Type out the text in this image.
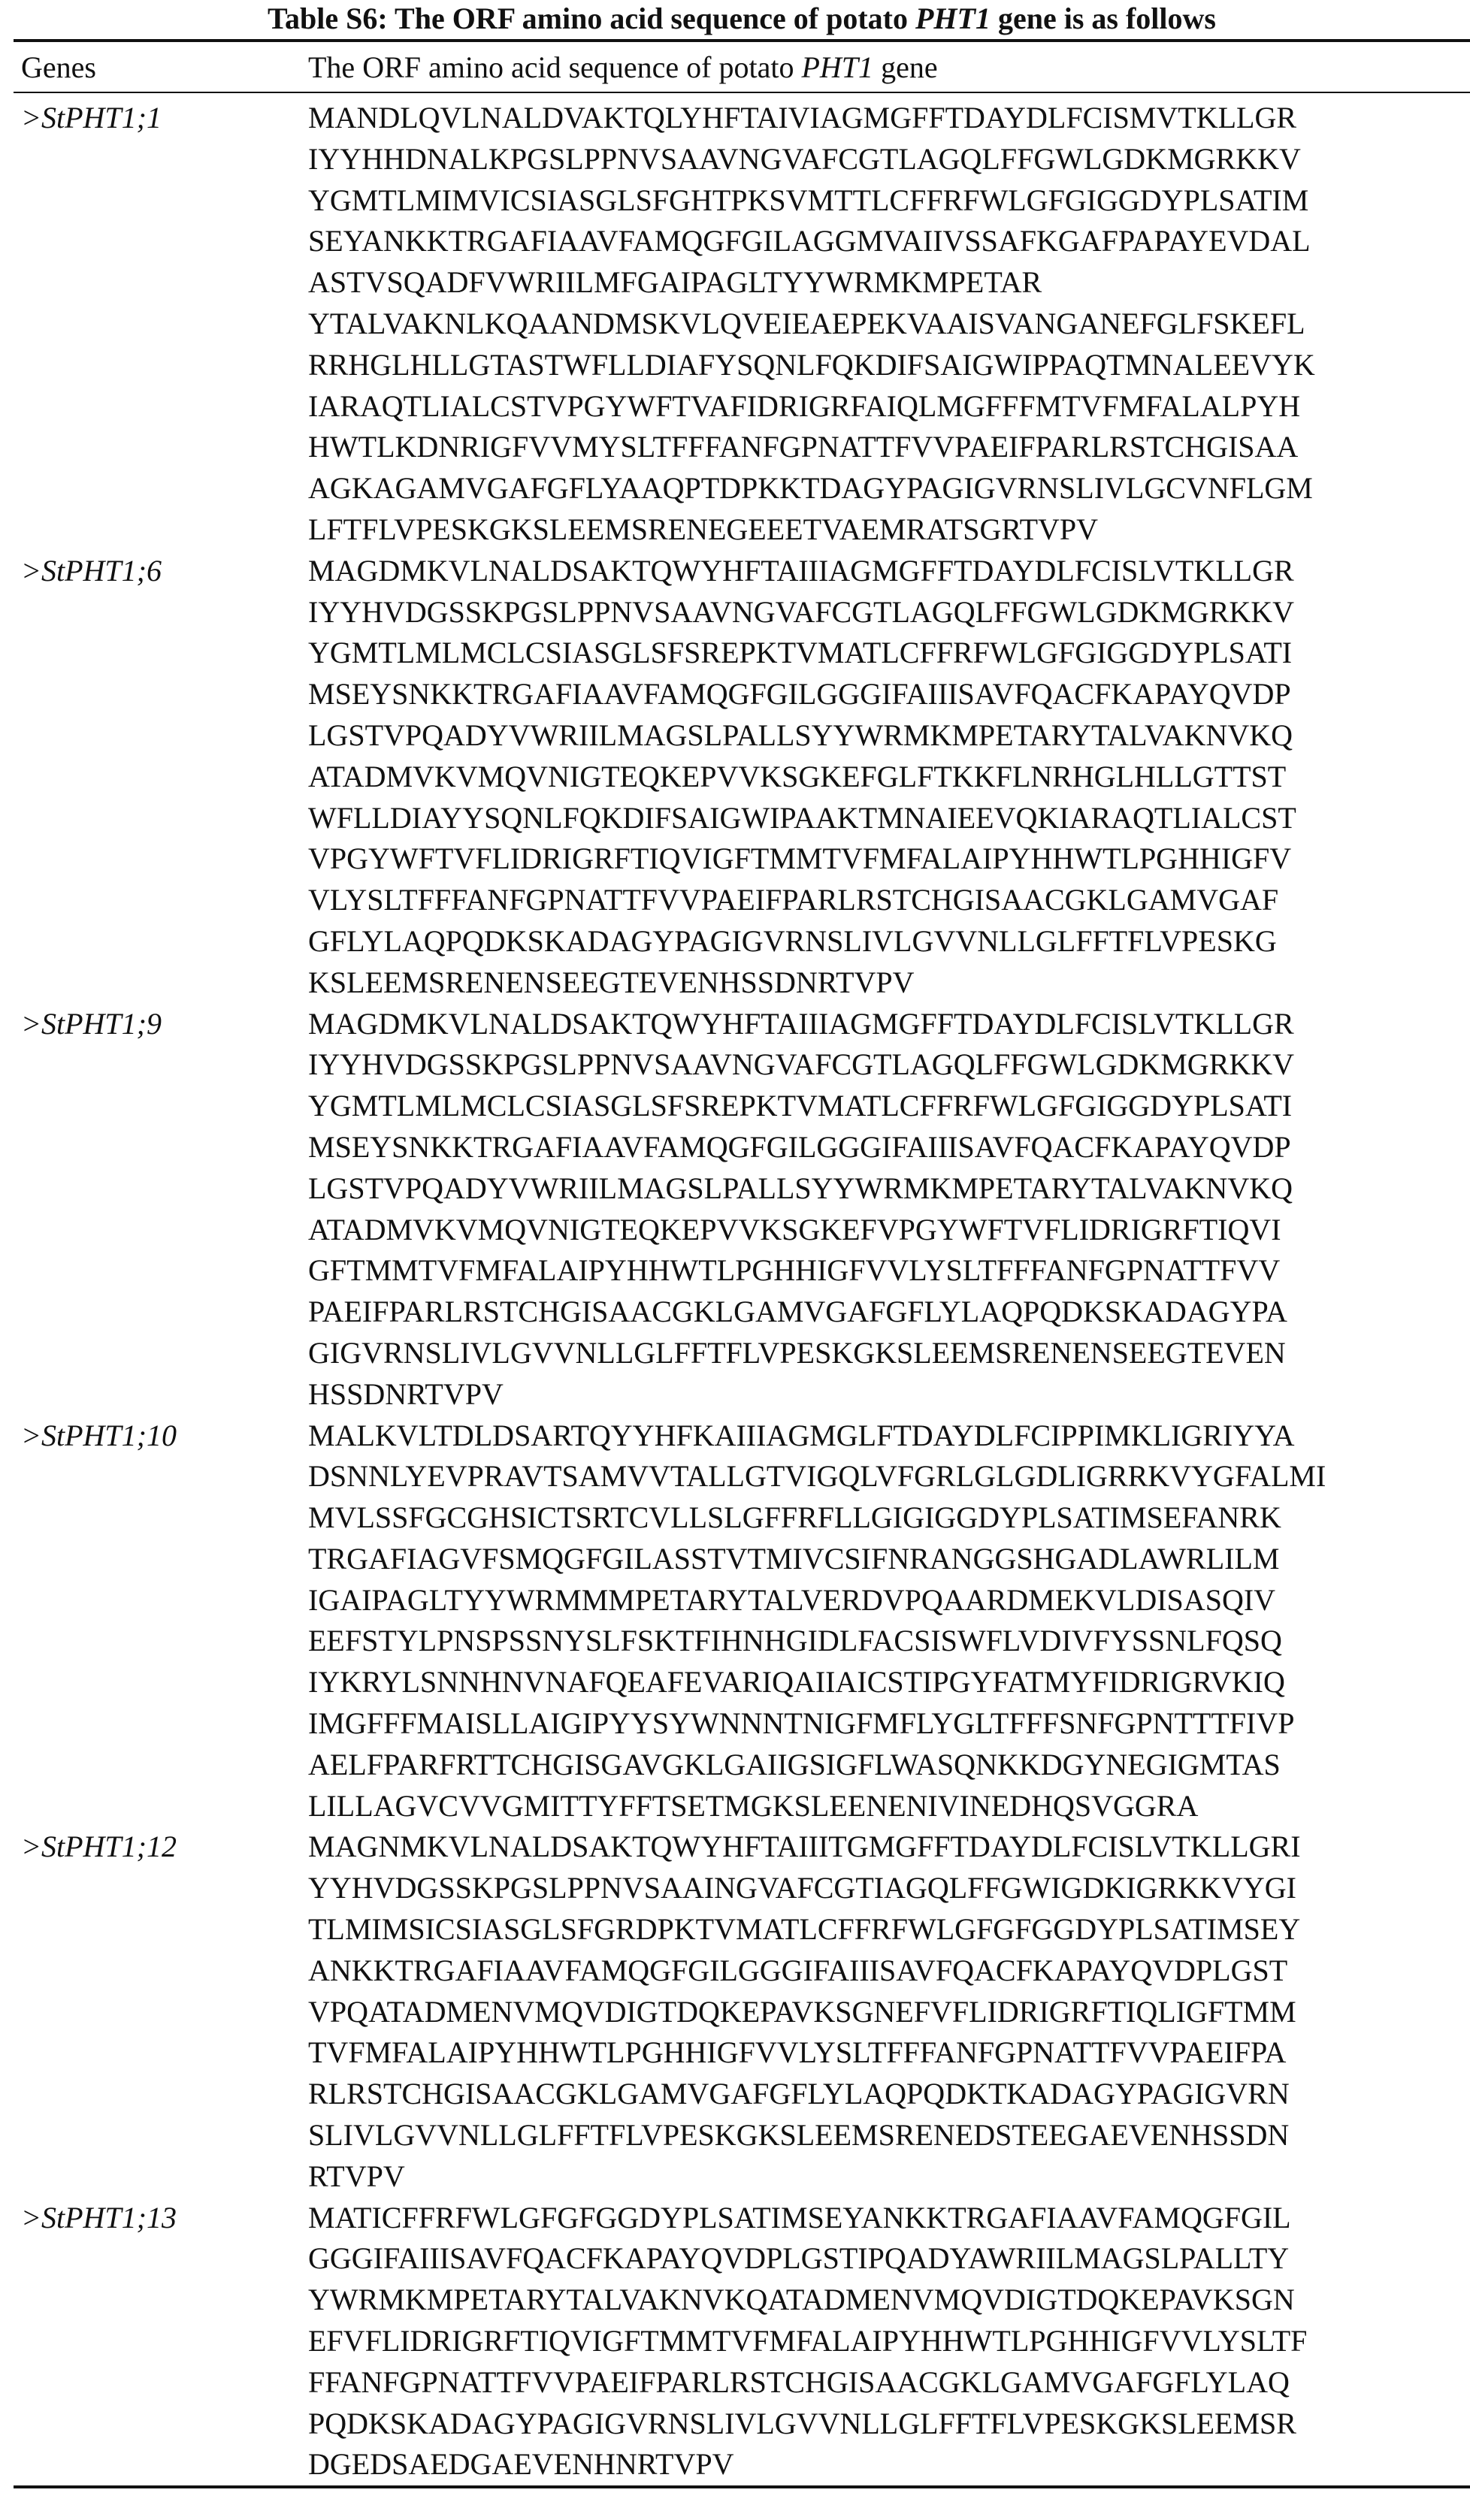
Table S6: The ORF amino acid sequence of potato PHT1 gene is as follows
Genes	The ORF amino acid sequence of potato PHT1 gene
>StPHT1;1	MANDLQVLNALDVAKTQLYHFTAIVIAGMGFFTDAYDLFCISMVTKLLGR
IYYHHDNALKPGSLPPNVSAAVNGVAFCGTLAGQLFFGWLGDKMGRKKV
YGMTLMIMVICSIASGLSFGHTPKSVMTTLCFFRFWLGFGIGGDYPLSATIM
SEYANKKTRGAFIAAVFAMQGFGILAGGMVAIIVSSAFKGAFPAPAYEVDAL
ASTVSQADFVWRIILMFGAIPAGLTYYWRMKMPETAR
YTALVAKNLKQAANDMSKVLQVEIEAEPEKVAAISVANGANEFGLFSKEFL
RRHGLHLLGTASTWFLLDIAFYSQNLFQKDIFSAIGWIPPAQTMNALEEVYK
IARAQTLIALCSTVPGYWFTVAFIDRIGRFAIQLMGFFFMTVFMFALALPYH
HWTLKDNRIGFVVMYSLTFFFANFGPNATTFVVPAEIFPARLRSTCHGISAA
AGKAGAMVGAFGFLYAAQPTDPKKTDAGYPAGIGVRNSLIVLGCVNFLGM
LFTFLVPESKGKSLEEMSRENEGEEETVAEMRATSGRTVPV
>StPHT1;6	MAGDMKVLNALDSAKTQWYHFTAIIIAGMGFFTDAYDLFCISLVTKLLGR
IYYHVDGSSKPGSLPPNVSAAVNGVAFCGTLAGQLFFGWLGDKMGRKKV
YGMTLMLMCLCSIASGLSFSREPKTVMATLCFFRFWLGFGIGGDYPLSATI
MSEYSNKKTRGAFIAAVFAMQGFGILGGGIFAIIISAVFQACFKAPAYQVDP
LGSTVPQADYVWRIILMAGSLPALLSYYWRMKMPETARYTALVAKNVKQ
ATADMVKVMQVNIGTEQKEPVVKSGKEFGLFTKKFLNRHGLHLLGTTST
WFLLDIAYYSQNLFQKDIFSAIGWIPAAKTMNAIEEVQKIARAQTLIALCST
VPGYWFTVFLIDRIGRFTIQVIGFTMMTVFMFALAIPYHHWTLPGHHIGFV
VLYSLTFFFANFGPNATTFVVPAEIFPARLRSTCHGISAACGKLGAMVGAF
GFLYLAQPQDKSKADAGYPAGIGVRNSLIVLGVVNLLGLFFTFLVPESKG
KSLEEMSRENENSEEGTEVENHSSDNRTVPV
>StPHT1;9	MAGDMKVLNALDSAKTQWYHFTAIIIAGMGFFTDAYDLFCISLVTKLLGR
IYYHVDGSSKPGSLPPNVSAAVNGVAFCGTLAGQLFFGWLGDKMGRKKV
YGMTLMLMCLCSIASGLSFSREPKTVMATLCFFRFWLGFGIGGDYPLSATI
MSEYSNKKTRGAFIAAVFAMQGFGILGGGIFAIIISAVFQACFKAPAYQVDP
LGSTVPQADYVWRIILMAGSLPALLSYYWRMKMPETARYTALVAKNVKQ
ATADMVKVMQVNIGTEQKEPVVKSGKEFVPGYWFTVFLIDRIGRFTIQVI
GFTMMTVFMFALAIPYHHWTLPGHHIGFVVLYSLTFFFANFGPNATTFVV
PAEIFPARLRSTCHGISAACGKLGAMVGAFGFLYLAQPQDKSKADAGYPA
GIGVRNSLIVLGVVNLLGLFFTFLVPESKGKSLEEMSRENENSEEGTEVEN
HSSDNRTVPV
>StPHT1;10	MALKVLTDLDSARTQYYHFKAIIIAGMGLFTDAYDLFCIPPIMKLIGRIYYA
DSNNLYEVPRAVTSAMVVTALLGTVIGQLVFGRLGLGDLIGRRKVYGFALMI
MVLSSFGCGHSICTSRTCVLLSLGFFRFLLGIGIGGDYPLSATIMSEFANRK
TRGAFIAGVFSMQGFGILASSTVTMIVCSIFNRANGGSHGADLAWRLILM
IGAIPAGLTYYWRMMMPETARYTALVERDVPQAARDMEKVLDISASQIV
EEFSTYLPNSPSSNYSLFSKTFIHNHGIDLFACSISWFLVDIVFYSSNLFQSQ
IYKRYLSNNHNVNAFQEAFEVARIQAIIAICSTIPGYFATMYFIDRIGRVKIQ
IMGFFFMAISLLAIGIPYYSYWNNNTNIGFMFLYGLTFFFSNFGPNTTTFIVP
AELFPARFRTTCHGISGAVGKLGAIIGSIGFLWASQNKKDGYNEGIGMTAS
LILLAGVCVVGMITTYFFTSETMGKSLEENENIVINEDHQSVGGRA
>StPHT1;12	MAGNMKVLNALDSAKTQWYHFTAIIITGMGFFTDAYDLFCISLVTKLLGRI
YYHVDGSSKPGSLPPNVSAAINGVAFCGTIAGQLFFGWIGDKIGRKKVYGI
TLMIMSICSIASGLSFGRDPKTVMATLCFFRFWLGFGFGGDYPLSATIMSEY
ANKKTRGAFIAAVFAMQGFGILGGGIFAIIISAVFQACFKAPAYQVDPLGST
VPQATADMENVMQVDIGTDQKEPAVKSGNEFVFLIDRIGRFTIQLIGFTMM
TVFMFALAIPYHHWTLPGHHIGFVVLYSLTFFFANFGPNATTFVVPAEIFPA
RLRSTCHGISAACGKLGAMVGAFGFLYLAQPQDKTKADAGYPAGIGVRN
SLIVLGVVNLLGLFFTFLVPESKGKSLEEMSRENEDSTEEGAEVENHSSDN
RTVPV
>StPHT1;13	MATICFFRFWLGFGFGGDYPLSATIMSEYANKKTRGAFIAAVFAMQGFGIL
GGGIFAIIISAVFQACFKAPAYQVDPLGSTIPQADYAWRIILMAGSLPALLTY
YWRMKMPETARYTALVAKNVKQATADMENVMQVDIGTDQKEPAVKSGN
EFVFLIDRIGRFTIQVIGFTMMTVFMFALAIPYHHWTLPGHHIGFVVLYSLTF
FFANFGPNATTFVVPAEIFPARLRSTCHGISAACGKLGAMVGAFGFLYLAQ
PQDKSKADAGYPAGIGVRNSLIVLGVVNLLGLFFTFLVPESKGKSLEEMSR
DGEDSAEDGAEVENHNRTVPV
